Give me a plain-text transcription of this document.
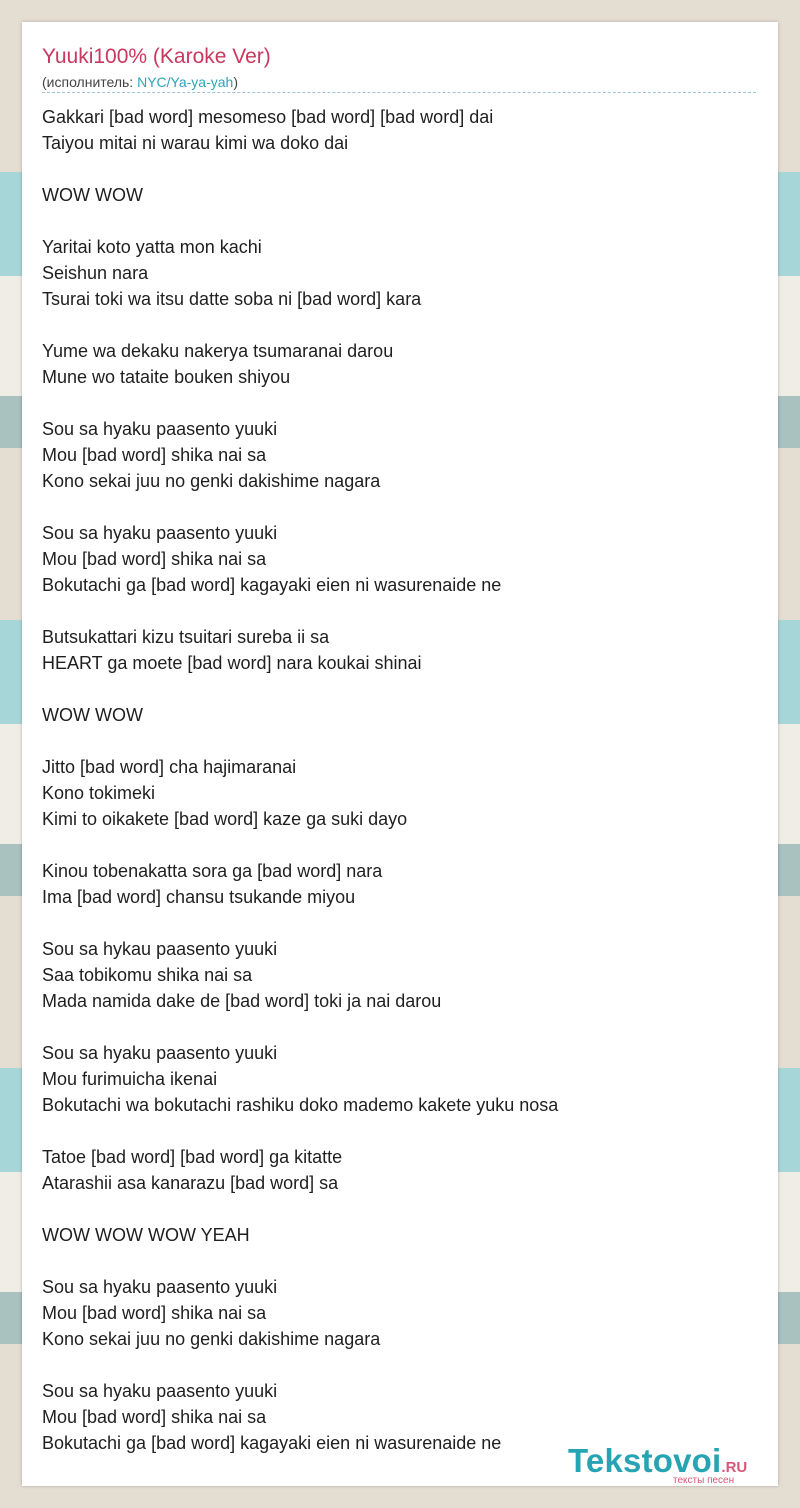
Yuuki100% (Karoke Ver)
(исполнитель: NYC/Ya-ya-yah)
Gakkari [bad word] mesomeso [bad word] [bad word] dai
Taiyou mitai ni warau kimi wa doko dai
WOW WOW
Yaritai koto yatta mon kachi
Seishun nara
Tsurai toki wa itsu datte soba ni [bad word] kara
Yume wa dekaku nakerya tsumaranai darou
Mune wo tataite bouken shiyou
Sou sa hyaku paasento yuuki
Mou [bad word] shika nai sa
Kono sekai juu no genki dakishime nagara
Sou sa hyaku paasento yuuki
Mou [bad word] shika nai sa
Bokutachi ga [bad word] kagayaki eien ni wasurenaide ne
Butsukattari kizu tsuitari sureba ii sa
HEART ga moete [bad word] nara koukai shinai
WOW WOW
Jitto [bad word] cha hajimaranai
Kono tokimeki
Kimi to oikakete [bad word] kaze ga suki dayo
Kinou tobenakatta sora ga [bad word] nara
Ima [bad word] chansu tsukande miyou
Sou sa hykau paasento yuuki
Saa tobikomu shika nai sa
Mada namida dake de [bad word] toki ja nai darou
Sou sa hyaku paasento yuuki
Mou furimuicha ikenai
Bokutachi wa bokutachi rashiku doko mademo kakete yuku nosa
Tatoe [bad word] [bad word] ga kitatte
Atarashii asa kanarazu [bad word] sa
WOW WOW WOW YEAH
Sou sa hyaku paasento yuuki
Mou [bad word] shika nai sa
Kono sekai juu no genki dakishime nagara
Sou sa hyaku paasento yuuki
Mou [bad word] shika nai sa
Bokutachi ga [bad word] kagayaki eien ni wasurenaide ne	Tekstovoi.RU
тексты песен
